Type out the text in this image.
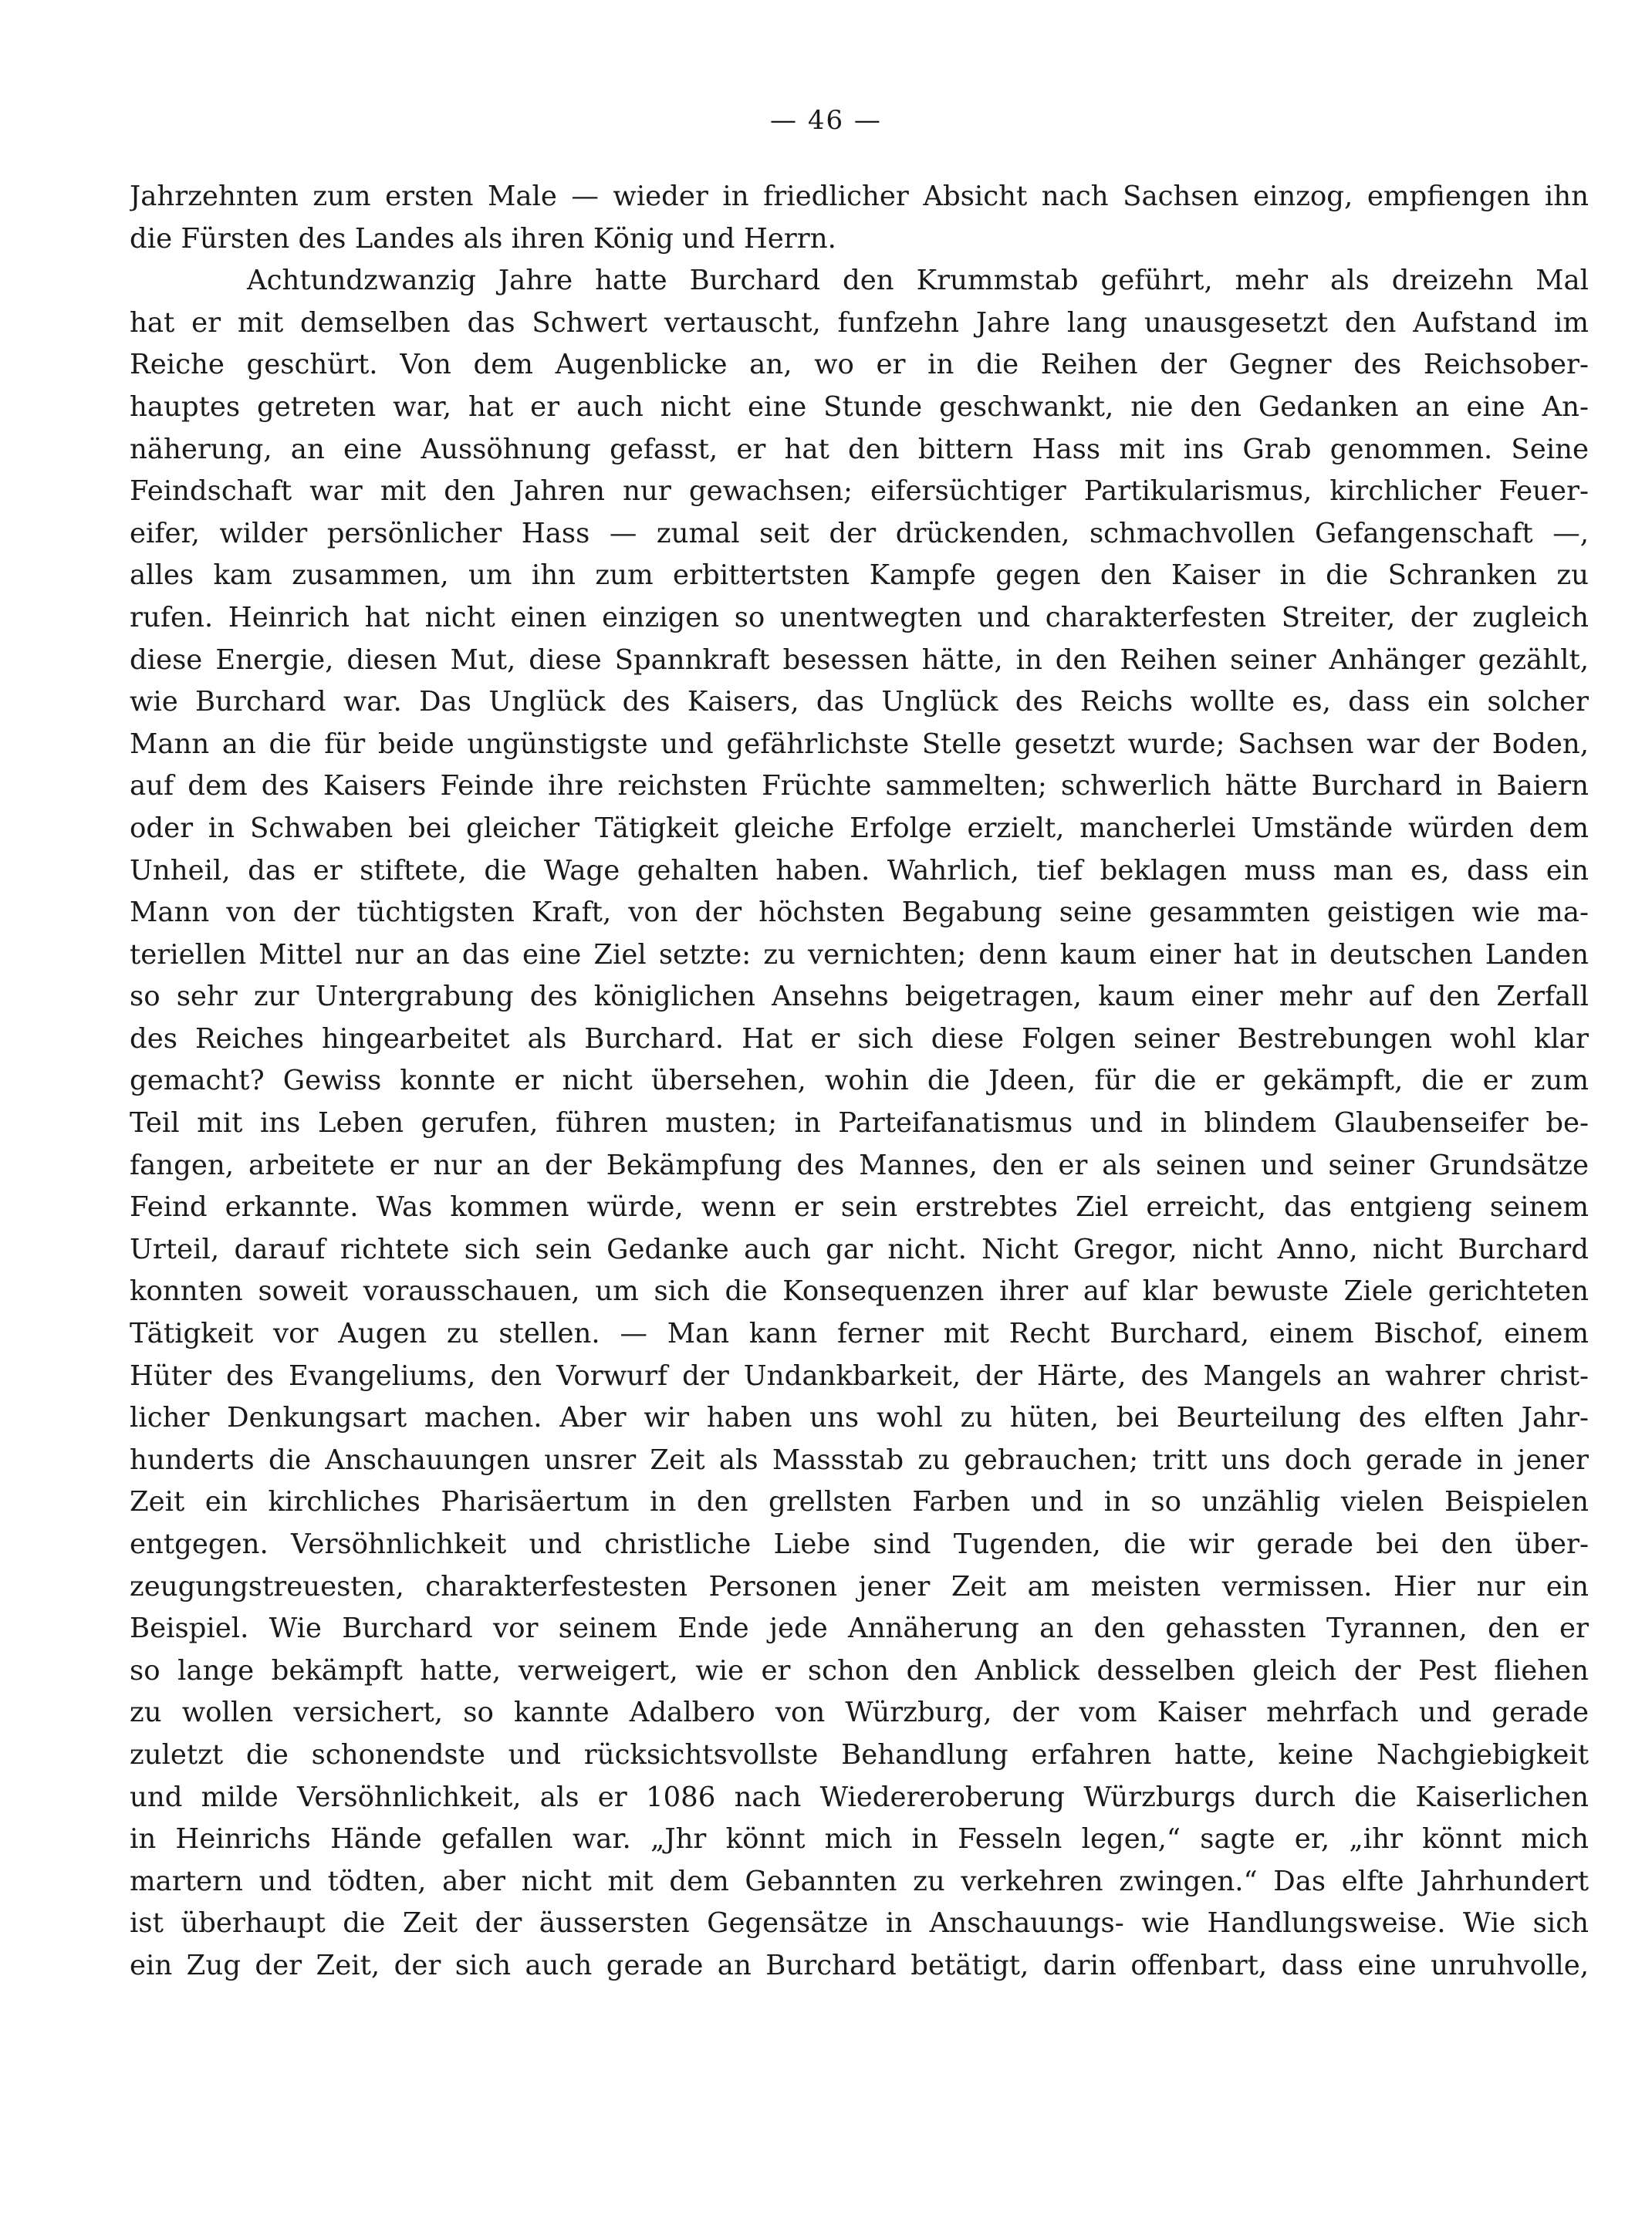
— 46 —
Jahrzehnten zum ersten Male — wieder in friedlicher Absicht nach Sachsen einzog, empfiengen ihn
die Fürsten des Landes als ihren König und Herrn.
Achtundzwanzig Jahre hatte Burchard den Krummstab geführt, mehr als dreizehn Mal
hat er mit demselben das Schwert vertauscht, funfzehn Jahre lang unausgesetzt den Aufstand im
Reiche geschürt. Von dem Augenblicke an, wo er in die Reihen der Gegner des Reichsober-
hauptes getreten war, hat er auch nicht eine Stunde geschwankt, nie den Gedanken an eine An-
näherung, an eine Aussöhnung gefasst, er hat den bittern Hass mit ins Grab genommen. Seine
Feindschaft war mit den Jahren nur gewachsen; eifersüchtiger Partikularismus, kirchlicher Feuer-
eifer, wilder persönlicher Hass — zumal seit der drückenden, schmachvollen Gefangenschaft —,
alles kam zusammen, um ihn zum erbittertsten Kampfe gegen den Kaiser in die Schranken zu
rufen. Heinrich hat nicht einen einzigen so unentwegten und charakterfesten Streiter, der zugleich
diese Energie, diesen Mut, diese Spannkraft besessen hätte, in den Reihen seiner Anhänger gezählt,
wie Burchard war. Das Unglück des Kaisers, das Unglück des Reichs wollte es, dass ein solcher
Mann an die für beide ungünstigste und gefährlichste Stelle gesetzt wurde; Sachsen war der Boden,
auf dem des Kaisers Feinde ihre reichsten Früchte sammelten; schwerlich hätte Burchard in Baiern
oder in Schwaben bei gleicher Tätigkeit gleiche Erfolge erzielt, mancherlei Umstände würden dem
Unheil, das er stiftete, die Wage gehalten haben. Wahrlich, tief beklagen muss man es, dass ein
Mann von der tüchtigsten Kraft, von der höchsten Begabung seine gesammten geistigen wie ma-
teriellen Mittel nur an das eine Ziel setzte: zu vernichten; denn kaum einer hat in deutschen Landen
so sehr zur Untergrabung des königlichen Ansehns beigetragen, kaum einer mehr auf den Zerfall
des Reiches hingearbeitet als Burchard. Hat er sich diese Folgen seiner Bestrebungen wohl klar
gemacht? Gewiss konnte er nicht übersehen, wohin die Jdeen, für die er gekämpft, die er zum
Teil mit ins Leben gerufen, führen musten; in Parteifanatismus und in blindem Glaubenseifer be-
fangen, arbeitete er nur an der Bekämpfung des Mannes, den er als seinen und seiner Grundsätze
Feind erkannte. Was kommen würde, wenn er sein erstrebtes Ziel erreicht, das entgieng seinem
Urteil, darauf richtete sich sein Gedanke auch gar nicht. Nicht Gregor, nicht Anno, nicht Burchard
konnten soweit vorausschauen, um sich die Konsequenzen ihrer auf klar bewuste Ziele gerichteten
Tätigkeit vor Augen zu stellen. — Man kann ferner mit Recht Burchard, einem Bischof, einem
Hüter des Evangeliums, den Vorwurf der Undankbarkeit, der Härte, des Mangels an wahrer christ-
licher Denkungsart machen. Aber wir haben uns wohl zu hüten, bei Beurteilung des elften Jahr-
hunderts die Anschauungen unsrer Zeit als Massstab zu gebrauchen; tritt uns doch gerade in jener
Zeit ein kirchliches Pharisäertum in den grellsten Farben und in so unzählig vielen Beispielen
entgegen. Versöhnlichkeit und christliche Liebe sind Tugenden, die wir gerade bei den über-
zeugungstreuesten, charakterfestesten Personen jener Zeit am meisten vermissen. Hier nur ein
Beispiel. Wie Burchard vor seinem Ende jede Annäherung an den gehassten Tyrannen, den er
so lange bekämpft hatte, verweigert, wie er schon den Anblick desselben gleich der Pest fliehen
zu wollen versichert, so kannte Adalbero von Würzburg, der vom Kaiser mehrfach und gerade
zuletzt die schonendste und rücksichtsvollste Behandlung erfahren hatte, keine Nachgiebigkeit
und milde Versöhnlichkeit, als er 1086 nach Wiedereroberung Würzburgs durch die Kaiserlichen
in Heinrichs Hände gefallen war. „Jhr könnt mich in Fesseln legen,“ sagte er, „ihr könnt mich
martern und tödten, aber nicht mit dem Gebannten zu verkehren zwingen.“ Das elfte Jahrhundert
ist überhaupt die Zeit der äussersten Gegensätze in Anschauungs- wie Handlungsweise. Wie sich
ein Zug der Zeit, der sich auch gerade an Burchard betätigt, darin offenbart, dass eine unruhvolle,
